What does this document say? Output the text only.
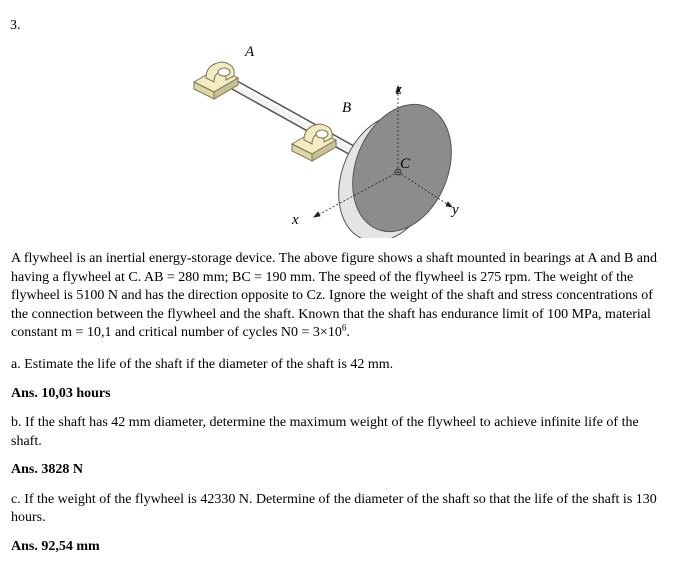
3.
A
B
C
z
y
x
A flywheel is an inertial energy-storage device. The above figure shows a shaft mounted in bearings at A and B and having a flywheel at C. AB = 280 mm; BC = 190 mm. The speed of the flywheel is 275 rpm. The weight of the flywheel is 5100 N and has the direction opposite to Cz. Ignore the weight of the shaft and stress concentrations of the connection between the flywheel and the shaft. Known that the shaft has endurance limit of 100 MPa, material constant m = 10,1 and critical number of cycles $N0 = 3\times 10^6$.

a. Estimate the life of the shaft if the diameter of the shaft is 42 mm.

Ans. 10,03 hours

b. If the shaft has 42 mm diameter, determine the maximum weight of the flywheel to achieve infinite life of the shaft.

Ans. 3828 N

c. If the weight of the flywheel is 42330 N. Determine of the diameter of the shaft so that the life of the shaft is 130 hours.

Ans. 92,54 mm
